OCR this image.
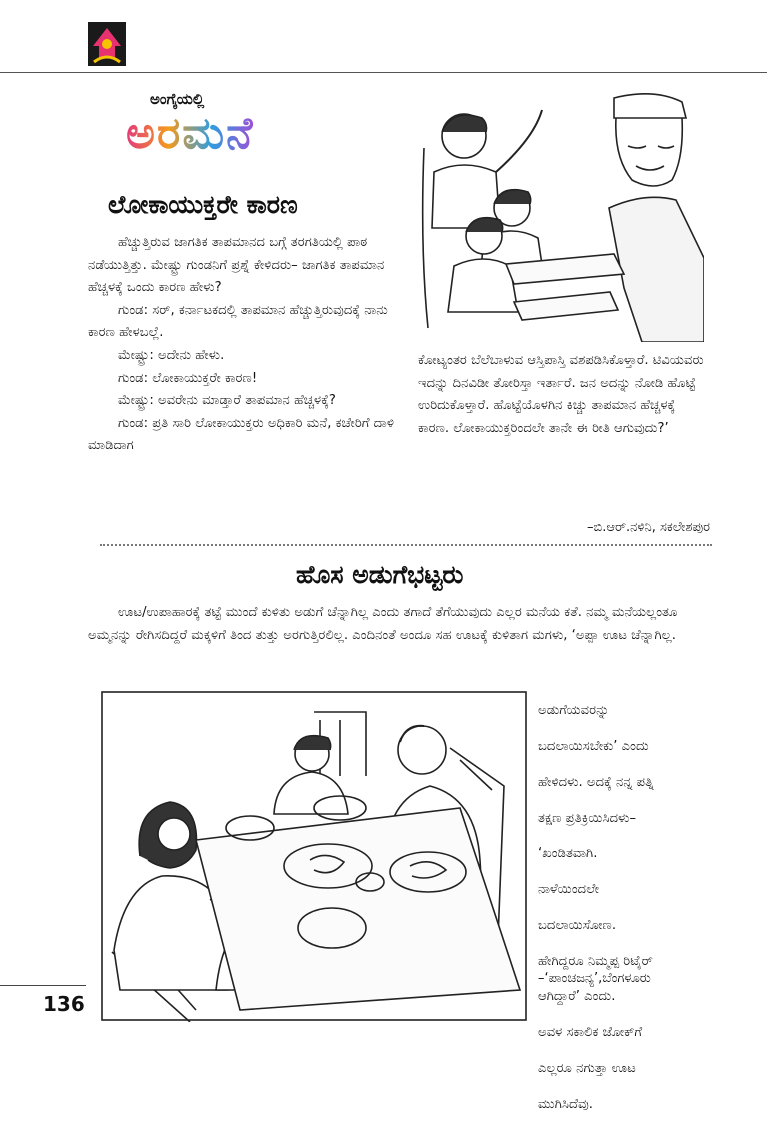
ಅಂಗೈಯಲ್ಲಿ
ಅರಮನೆ
ಲೋಕಾಯುಕ್ತರೇ ಕಾರಣ

ಹೆಚ್ಚುತ್ತಿರುವ ಜಾಗತಿಕ ತಾಪಮಾನದ ಬಗ್ಗೆ ತರಗತಿಯಲ್ಲಿ ಪಾಠ ನಡೆಯುತ್ತಿತ್ತು. ಮೇಷ್ಟ್ರು ಗುಂಡನಿಗೆ ಪ್ರಶ್ನೆ ಕೇಳಿದರು– ಜಾಗತಿಕ ತಾಪಮಾನ ಹೆಚ್ಚಳಕ್ಕೆ ಒಂದು ಕಾರಣ ಹೇಳು?

ಗುಂಡ: ಸರ್, ಕರ್ನಾಟಕದಲ್ಲಿ ತಾಪಮಾನ ಹೆಚ್ಚುತ್ತಿರುವುದಕ್ಕೆ ನಾನು ಕಾರಣ ಹೇಳಬಲ್ಲೆ.

ಮೇಷ್ಟ್ರು: ಅದೇನು ಹೇಳು.

ಗುಂಡ: ಲೋಕಾಯುಕ್ತರೇ ಕಾರಣ!

ಮೇಷ್ಟ್ರು: ಅವರೇನು ಮಾಡ್ತಾರೆ ತಾಪಮಾನ ಹೆಚ್ಚಳಕ್ಕೆ?

ಗುಂಡ: ಪ್ರತಿ ಸಾರಿ ಲೋಕಾಯುಕ್ತರು ಅಧಿಕಾರಿ ಮನೆ, ಕಚೇರಿಗೆ ದಾಳಿ ಮಾಡಿದಾಗ

ಕೋಟ್ಯಂತರ ಬೆಲೆಬಾಳುವ ಆಸ್ತಿಪಾಸ್ತಿ ವಶಪಡಿಸಿಕೊಳ್ತಾರೆ. ಟಿವಿಯವರು ಇದನ್ನು ದಿನವಿಡೀ ತೋರಿಸ್ತಾ ಇರ್ತಾರೆ. ಜನ ಅದನ್ನು ನೋಡಿ ಹೊಟ್ಟೆ ಉರಿದುಕೊಳ್ತಾರೆ. ಹೊಟ್ಟೆಯೊಳಗಿನ ಕಿಚ್ಚು ತಾಪಮಾನ ಹೆಚ್ಚಳಕ್ಕೆ ಕಾರಣ. ಲೋಕಾಯುಕ್ತರಿಂದಲೇ ತಾನೇ ಈ ರೀತಿ ಆಗುವುದು?’

–ಬಿ.ಆರ್.ನಳಿನಿ, ಸಕಲೇಶಪುರ
ಹೊಸ ಅಡುಗೆಭಟ್ಟರು

ಊಟ/ಉಪಾಹಾರಕ್ಕೆ ತಟ್ಟೆ ಮುಂದೆ ಕುಳಿತು ಅಡುಗೆ ಚೆನ್ನಾಗಿಲ್ಲ ಎಂದು ತಗಾದೆ ತೆಗೆಯುವುದು ಎಲ್ಲರ ಮನೆಯ ಕತೆ. ನಮ್ಮ ಮನೆಯಲ್ಲಂತೂ ಅಮ್ಮನನ್ನು ರೇಗಿಸದಿದ್ದರೆ ಮಕ್ಕಳಿಗೆ ತಿಂದ ತುತ್ತು ಅರಗುತ್ತಿರಲಿಲ್ಲ. ಎಂದಿನಂತೆ ಅಂದೂ ಸಹ ಊಟಕ್ಕೆ ಕುಳಿತಾಗ ಮಗಳು, ‘ಅಪ್ಪಾ ಊಟ ಚೆನ್ನಾಗಿಲ್ಲ.

ಅಡುಗೆಯವರನ್ನು

ಬದಲಾಯಿಸಬೇಕು’ ಎಂದು

ಹೇಳಿದಳು. ಅದಕ್ಕೆ ನನ್ನ ಪತ್ನಿ

ತಕ್ಷಣ ಪ್ರತಿಕ್ರಿಯಿಸಿದಳು–

‘ಖಂಡಿತವಾಗಿ.

ನಾಳೆಯಿಂದಲೇ

ಬದಲಾಯಿಸೋಣ.

ಹೇಗಿದ್ದರೂ ನಿಮ್ಮಪ್ಪ ರಿಟೈರ್

ಆಗಿದ್ದಾರೆ’ ಎಂದು.

ಅವಳ ಸಕಾಲಿಕ ಜೋಕ್‌ಗೆ

ಎಲ್ಲರೂ ನಗುತ್ತಾ ಊಟ

ಮುಗಿಸಿದೆವು.

–‘ಪಾಂಚಜನ್ಯ’,ಬೆಂಗಳೂರು
136
